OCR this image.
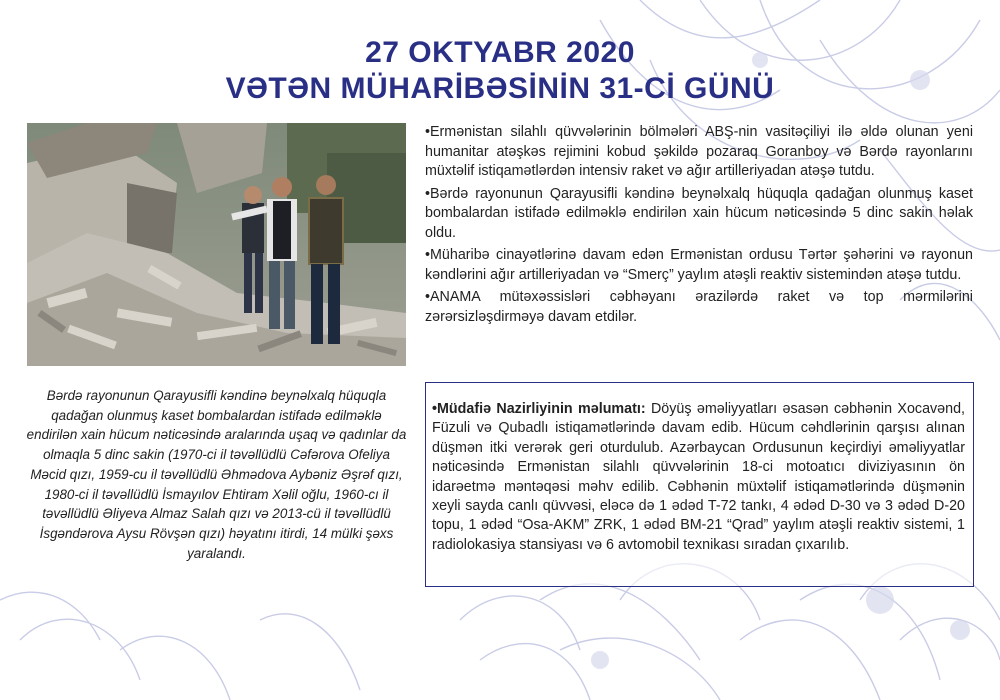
27 OKTYABR 2020
VƏTƏN MÜHARİBƏSİNİN 31-Cİ GÜNÜ
Bərdə rayonunun Qarayusifli kəndinə beynəlxalq hüquqla qadağan olunmuş kaset bombalardan istifadə edilməklə endirilən xain hücum nəticəsində aralarında uşaq və qadınlar da olmaqla 5 dinc sakin (1970-ci il təvəllüdlü Cəfərova Ofeliya Məcid qızı, 1959-cu il təvəllüdlü Əhmədova Aybəniz Əşrəf qızı, 1980-ci il təvəllüdlü İsmayılov Ehtiram Xəlil oğlu, 1960-cı il təvəllüdlü Əliyeva Almaz Salah qızı və 2013-cü il təvəllüdlü İsgəndərova Aysu Rövşən qızı) həyatını itirdi, 14 mülki şəxs yaralandı.

•Ermənistan silahlı qüvvələrinin bölmələri ABŞ-nin vasitəçiliyi ilə əldə olunan yeni humanitar atəşkəs rejimini kobud şəkildə pozaraq Goranboy və Bərdə rayonlarını müxtəlif istiqamətlərdən intensiv raket və ağır artilleriyadan atəşə tutdu.

•Bərdə rayonunun Qarayusifli kəndinə beynəlxalq hüquqla qadağan olunmuş kaset bombalardan istifadə edilməklə endirilən xain hücum nəticəsində 5 dinc sakin həlak oldu.

•Müharibə cinayətlərinə davam edən Ermənistan ordusu Tərtər şəhərini və rayonun kəndlərini ağır artilleriyadan və “Smerç” yaylım atəşli reaktiv sistemindən atəşə tutdu.

•ANAMA mütəxəssisləri cəbhəyanı ərazilərdə raket və top mərmilərini zərərsizləşdirməyə davam etdilər.

•Müdafiə Nazirliyinin məlumatı: Döyüş əməliyyatları əsasən cəbhənin Xocavənd, Füzuli və Qubadlı istiqamətlərində davam edib. Hücum cəhdlərinin qarşısı alınan düşmən itki verərək geri oturdulub. Azərbaycan Ordusunun keçirdiyi əməliyyatlar nəticəsində Ermənistan silahlı qüvvələrinin 18-ci motoatıcı diviziyasının ön idarəetmə məntəqəsi məhv edilib. Cəbhənin müxtəlif istiqamətlərində düşmənin xeyli sayda canlı qüvvəsi, eləcə də 1 ədəd T-72 tankı, 4 ədəd D-30 və 3 ədəd D-20 topu, 1 ədəd “Osa-AKM” ZRK, 1 ədəd BM-21 “Qrad” yaylım atəşli reaktiv sistemi, 1 radiolokasiya stansiyası və 6 avtomobil texnikası sıradan çıxarılıb.
